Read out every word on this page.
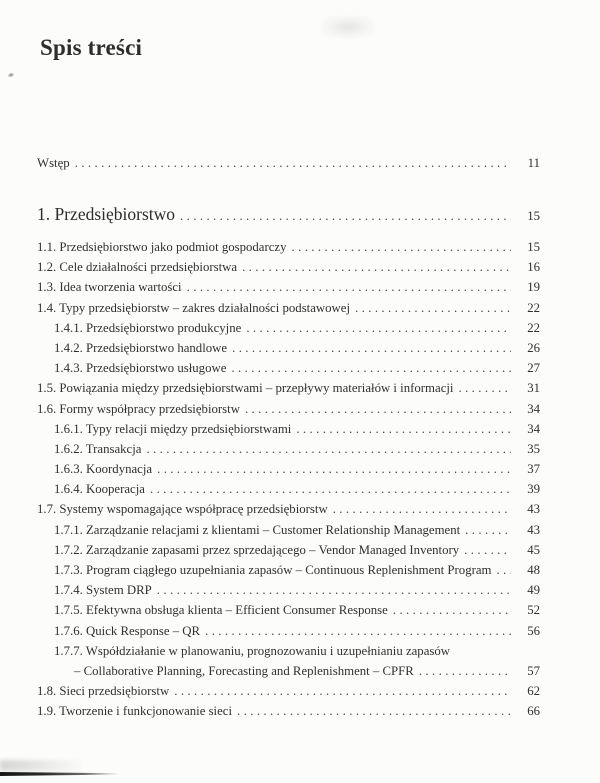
Spis treści
Wstęp .....	11
1. Przedsiębiorstwo .....	15
1.1. Przedsiębiorstwo jako podmiot gospodarczy .....	15
1.2. Cele działalności przedsiębiorstwa .....	16
1.3. Idea tworzenia wartości .....	19
1.4. Typy przedsiębiorstw – zakres działalności podstawowej .....	22
1.4.1. Przedsiębiorstwo produkcyjne .....	22
1.4.2. Przedsiębiorstwo handlowe .....	26
1.4.3. Przedsiębiorstwo usługowe .....	27
1.5. Powiązania między przedsiębiorstwami – przepływy materiałów i informacji .....	31
1.6. Formy współpracy przedsiębiorstw .....	34
1.6.1. Typy relacji między przedsiębiorstwami .....	34
1.6.2. Transakcja .....	35
1.6.3. Koordynacja .....	37
1.6.4. Kooperacja .....	39
1.7. Systemy wspomagające współpracę przedsiębiorstw .....	43
1.7.1. Zarządzanie relacjami z klientami – Customer Relationship Management .....	43
1.7.2. Zarządzanie zapasami przez sprzedającego – Vendor Managed Inventory .....	45
1.7.3. Program ciągłego uzupełniania zapasów – Continuous Replenishment Program .....	48
1.7.4. System DRP .....	49
1.7.5. Efektywna obsługa klienta – Efficient Consumer Response .....	52
1.7.6. Quick Response – QR .....	56
1.7.7. Współdziałanie w planowaniu, prognozowaniu i uzupełnianiu zapasów
– Collaborative Planning, Forecasting and Replenishment – CPFR .....	57
1.8. Sieci przedsiębiorstw .....	62
1.9. Tworzenie i funkcjonowanie sieci .....	66
